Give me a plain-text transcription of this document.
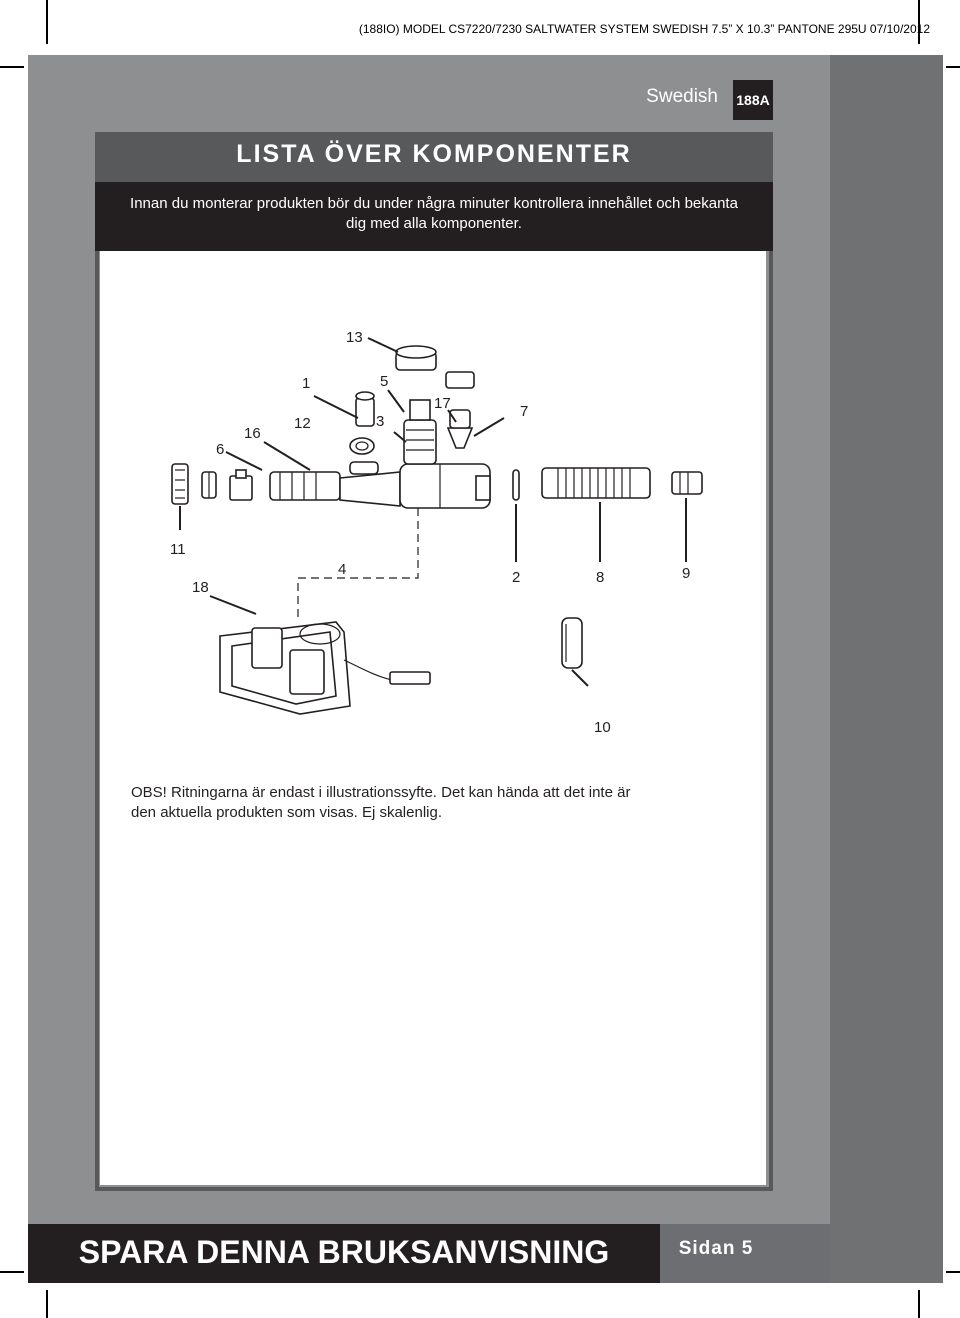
(188IO) MODEL CS7220/7230 SALTWATER SYSTEM SWEDISH 7.5” X 10.3” PANTONE 295U 07/10/2012
Swedish 188A
LISTA ÖVER KOMPONENTER
Innan du monterar produkten bör du under några minuter kontrollera innehållet och bekanta
dig med alla komponenter.
13
1	5
12	3
17	7
16
6
11
18
4	2	8	9
10
OBS! Ritningarna är endast i illustrationssyfte. Det kan hända att det inte är
den aktuella produkten som visas. Ej skalenlig.
SPARA DENNA BRUKSANVISNING	Sidan 5
